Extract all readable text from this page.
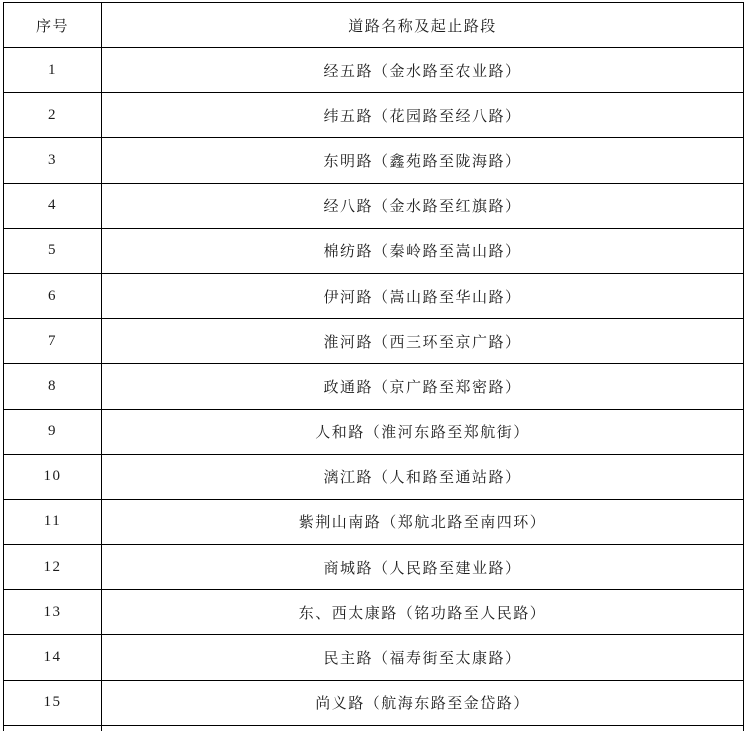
序号	道路名称及起止路段
1	经五路（金水路至农业路）
2	纬五路（花园路至经八路）
3	东明路（鑫苑路至陇海路）
4	经八路（金水路至红旗路）
5	棉纺路（秦岭路至嵩山路）
6	伊河路（嵩山路至华山路）
7	淮河路（西三环至京广路）
8	政通路（京广路至郑密路）
9	人和路（淮河东路至郑航街）
10	漓江路（人和路至通站路）
11	紫荆山南路（郑航北路至南四环）
12	商城路（人民路至建业路）
13	东、西太康路（铭功路至人民路）
14	民主路（福寿街至太康路）
15	尚义路（航海东路至金岱路）
